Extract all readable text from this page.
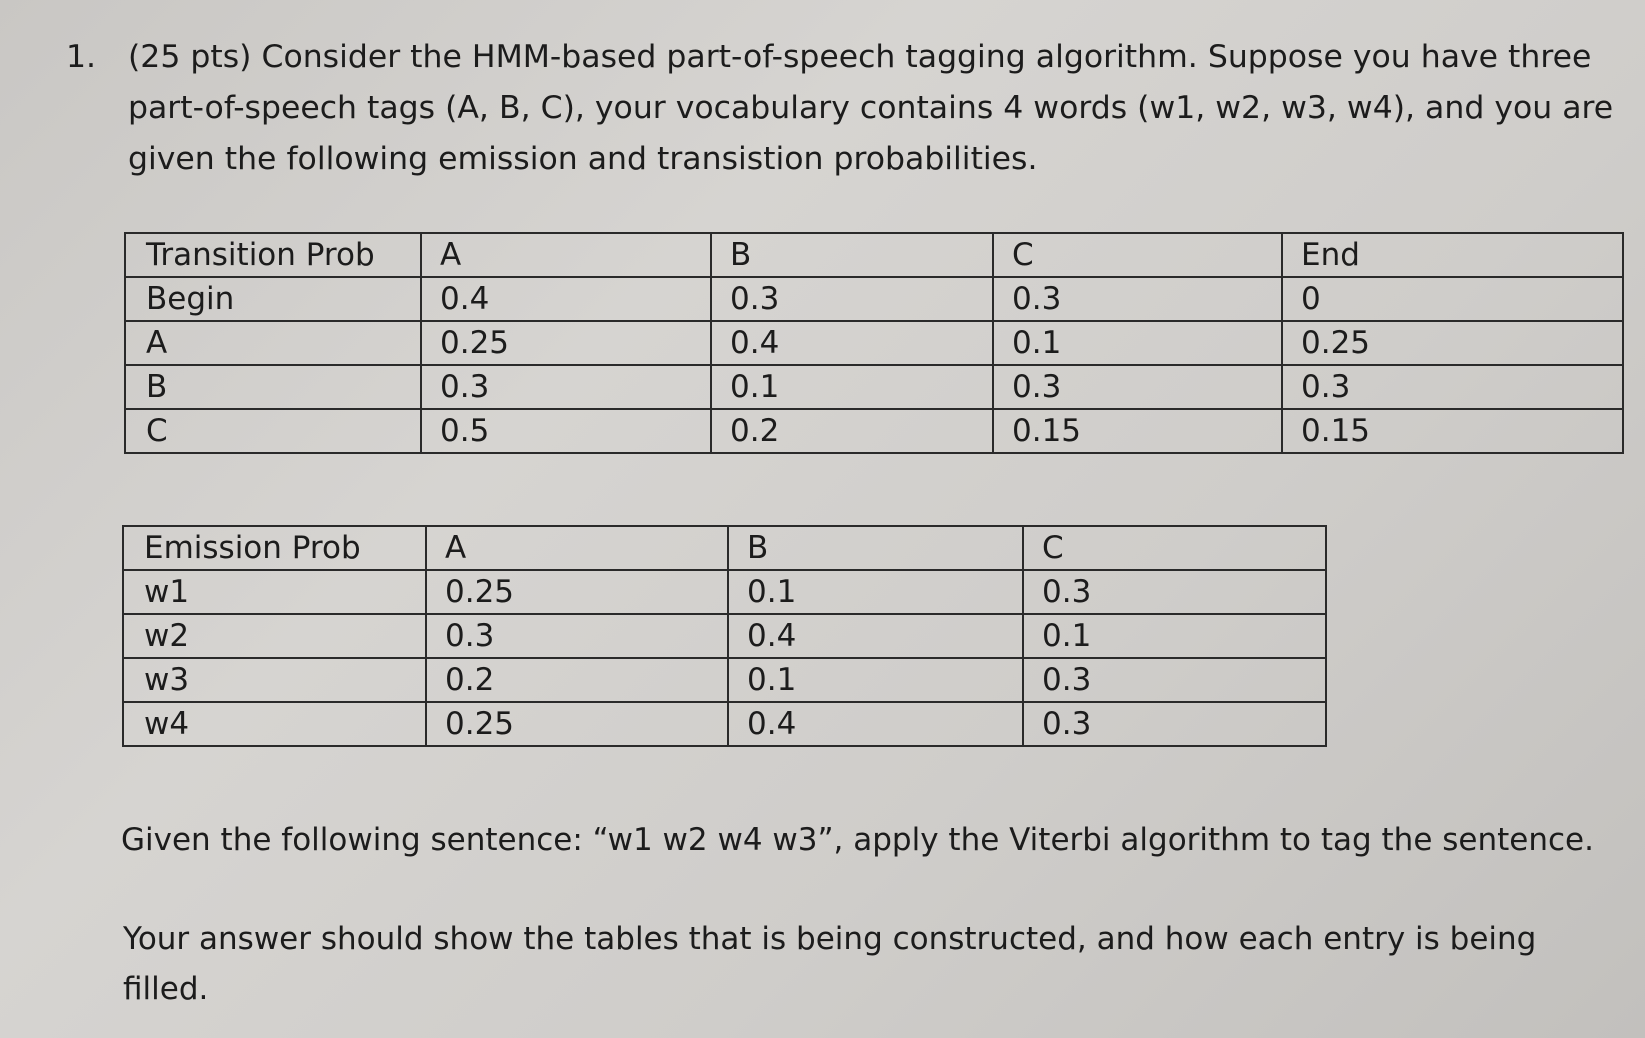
1. (25 pts) Consider the HMM-based part-of-speech tagging algorithm. Suppose you have three
part-of-speech tags (A, B, C), your vocabulary contains 4 words (w1, w2, w3, w4), and you are
given the following emission and transistion probabilities.
Transition Prob	A	B	C	End
Begin	0.4	0.3	0.3	0
A	0.25	0.4	0.1	0.25
B	0.3	0.1	0.3	0.3
C	0.5	0.2	0.15	0.15
Emission Prob	A	B	C
w1	0.25	0.1	0.3
w2	0.3	0.4	0.1
w3	0.2	0.1	0.3
w4	0.25	0.4	0.3
Given the following sentence: “w1 w2 w4 w3”, apply the Viterbi algorithm to tag the sentence.
Your answer should show the tables that is being constructed, and how each entry is being filled.
